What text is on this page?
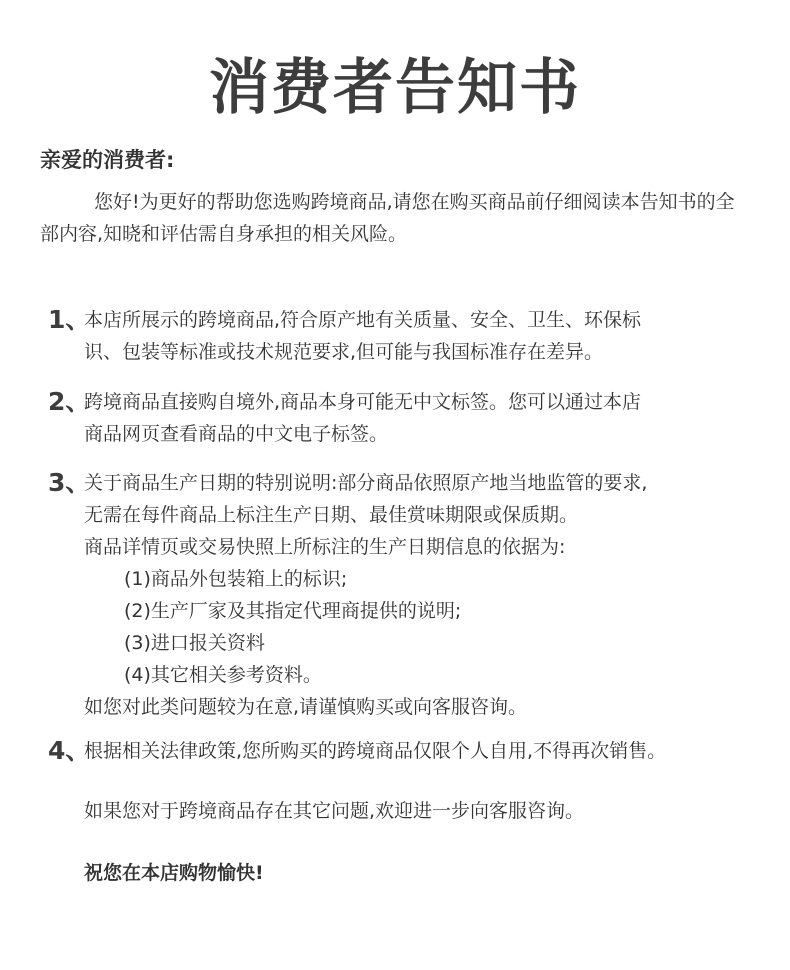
消费者告知书
亲爱的消费者:
您好!为更好的帮助您选购跨境商品,请您在购买商品前仔细阅读本告知书的全部内容,知晓和评估需自身承担的相关风险。
1、
本店所展示的跨境商品,符合原产地有关质量、安全、卫生、环保标
识、包装等标准或技术规范要求,但可能与我国标准存在差异。
2、
跨境商品直接购自境外,商品本身可能无中文标签。您可以通过本店
商品网页查看商品的中文电子标签。
3、
关于商品生产日期的特别说明:部分商品依照原产地当地监管的要求,
无需在每件商品上标注生产日期、最佳赏味期限或保质期。
商品详情页或交易快照上所标注的生产日期信息的依据为:
(1)商品外包装箱上的标识;
(2)生产厂家及其指定代理商提供的说明;
(3)进口报关资料
(4)其它相关参考资料。
如您对此类问题较为在意,请谨慎购买或向客服咨询。
4、
根据相关法律政策,您所购买的跨境商品仅限个人自用,不得再次销售。
如果您对于跨境商品存在其它问题,欢迎进一步向客服咨询。
祝您在本店购物愉快!
